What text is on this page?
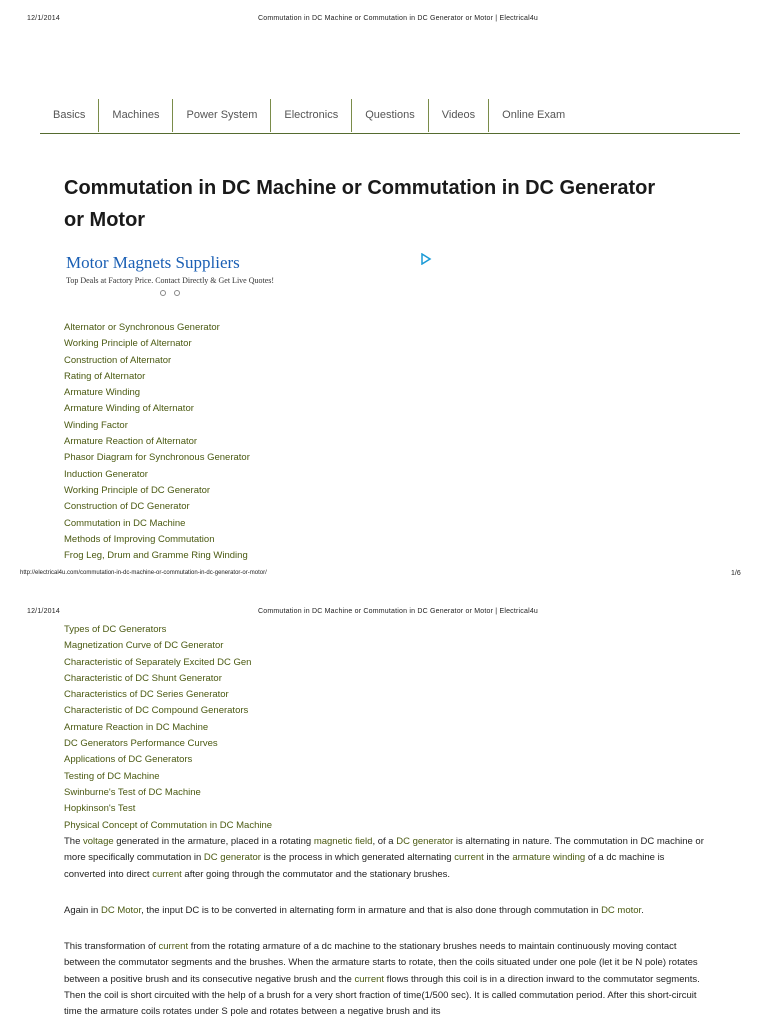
12/1/2014	Commutation in DC Machine or Commutation in DC Generator or Motor | Electrical4u
Basics	Machines	Power System	Electronics	Questions	Videos	Online Exam
Commutation in DC Machine or Commutation in DC Generator or Motor
Motor Magnets Suppliers
Top Deals at Factory Price. Contact Directly & Get Live Quotes!
Alternator or Synchronous Generator
Working Principle of Alternator
Construction of Alternator
Rating of Alternator
Armature Winding
Armature Winding of Alternator
Winding Factor
Armature Reaction of Alternator
Phasor Diagram for Synchronous Generator
Induction Generator
Working Principle of DC Generator
Construction of DC Generator
Commutation in DC Machine
Methods of Improving Commutation
Frog Leg, Drum and Gramme Ring Winding
http://electrical4u.com/commutation-in-dc-machine-or-commutation-in-dc-generator-or-motor/	1/6
12/1/2014	Commutation in DC Machine or Commutation in DC Generator or Motor | Electrical4u
Types of DC Generators
Magnetization Curve of DC Generator
Characteristic of Separately Excited DC Gen
Characteristic of DC Shunt Generator
Characteristics of DC Series Generator
Characteristic of DC Compound Generators
Armature Reaction in DC Machine
DC Generators Performance Curves
Applications of DC Generators
Testing of DC Machine
Swinburne's Test of DC Machine
Hopkinson's Test
Physical Concept of Commutation in DC Machine

The voltage generated in the armature, placed in a rotating magnetic field, of a DC generator is alternating in nature. The commutation in DC machine or more specifically commutation in DC generator is the process in which generated alternating current in the armature winding of a dc machine is converted into direct current after going through the commutator and the stationary brushes.

Again in DC Motor, the input DC is to be converted in alternating form in armature and that is also done through commutation in DC motor.

This transformation of current from the rotating armature of a dc machine to the stationary brushes needs to maintain continuously moving contact between the commutator segments and the brushes. When the armature starts to rotate, then the coils situated under one pole (let it be N pole) rotates between a positive brush and its consecutive negative brush and the current flows through this coil is in a direction inward to the commutator segments. Then the coil is short circuited with the help of a brush for a very short fraction of time(1/500 sec). It is called commutation period. After this short-circuit time the armature coils rotates under S pole and rotates between a negative brush and its
